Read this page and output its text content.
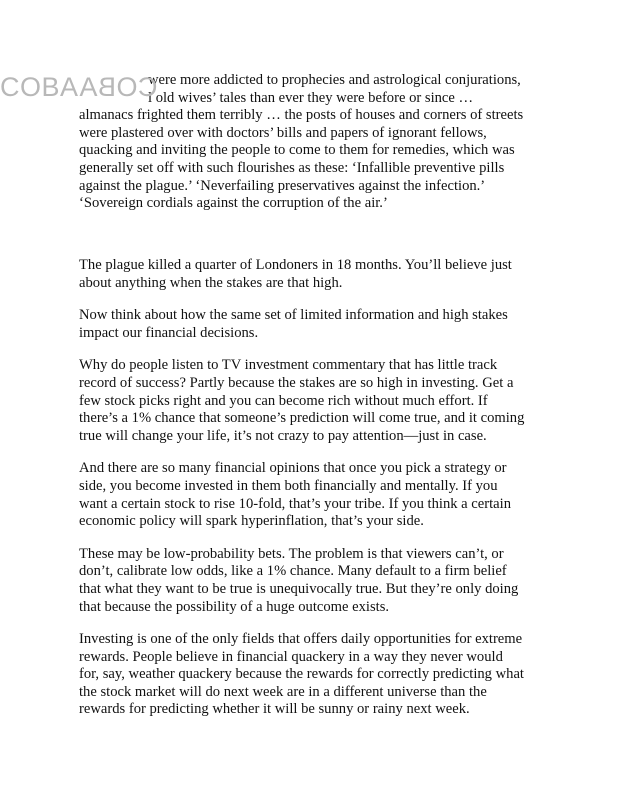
COBACOBA
were more addicted to prophecies and astrological conjurations,
l old wives’ tales than ever they were before or since …
almanacs frighted them terribly … the posts of houses and corners of streets
were plastered over with doctors’ bills and papers of ignorant fellows,
quacking and inviting the people to come to them for remedies, which was
generally set off with such flourishes as these: ‘Infallible preventive pills
against the plague.’ ‘Neverfailing preservatives against the infection.’
‘Sovereign cordials against the corruption of the air.’

The plague killed a quarter of Londoners in 18 months. You’ll believe just
about anything when the stakes are that high.

Now think about how the same set of limited information and high stakes
impact our financial decisions.

Why do people listen to TV investment commentary that has little track
record of success? Partly because the stakes are so high in investing. Get a
few stock picks right and you can become rich without much effort. If
there’s a 1% chance that someone’s prediction will come true, and it coming
true will change your life, it’s not crazy to pay attention—just in case.

And there are so many financial opinions that once you pick a strategy or
side, you become invested in them both financially and mentally. If you
want a certain stock to rise 10-fold, that’s your tribe. If you think a certain
economic policy will spark hyperinflation, that’s your side.

These may be low-probability bets. The problem is that viewers can’t, or
don’t, calibrate low odds, like a 1% chance. Many default to a firm belief
that what they want to be true is unequivocally true. But they’re only doing
that because the possibility of a huge outcome exists.

Investing is one of the only fields that offers daily opportunities for extreme
rewards. People believe in financial quackery in a way they never would
for, say, weather quackery because the rewards for correctly predicting what
the stock market will do next week are in a different universe than the
rewards for predicting whether it will be sunny or rainy next week.
